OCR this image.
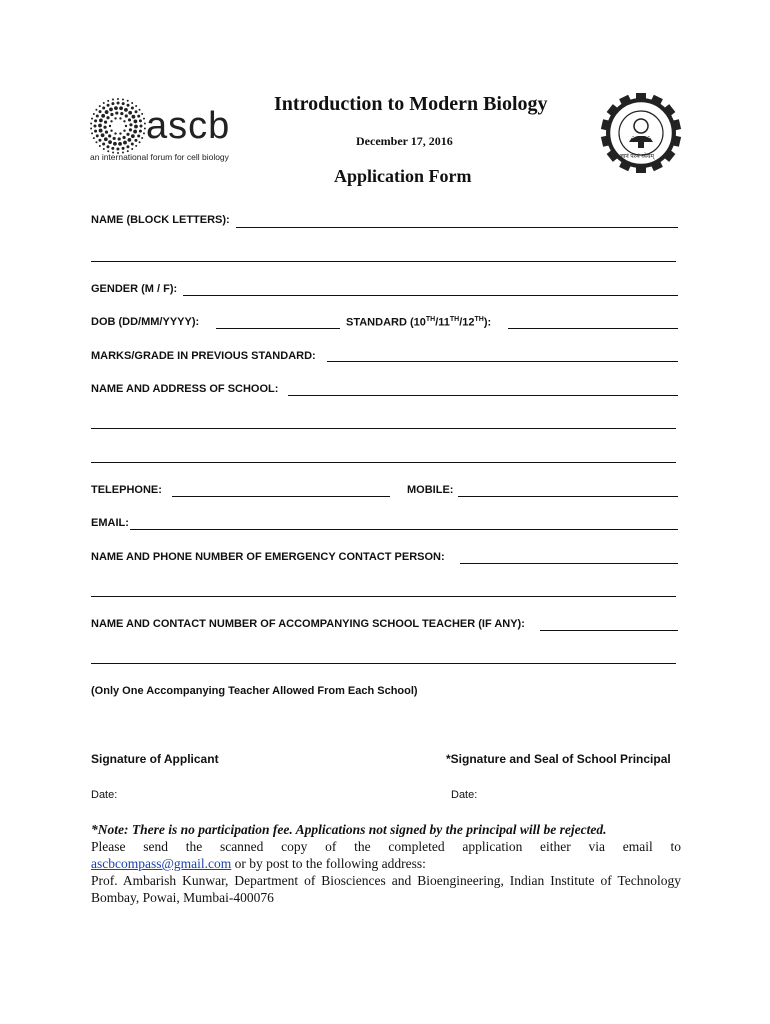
ascb
an international forum for cell biology
Introduction to Modern Biology
December 17, 2016
Application Form
ज्ञानं परमं ध्येयम्
NAME (BLOCK LETTERS):
GENDER (M / F):
DOB (DD/MM/YYYY):	STANDARD (10TH/11TH/12TH):
MARKS/GRADE IN PREVIOUS STANDARD:
NAME AND ADDRESS OF SCHOOL:
TELEPHONE:	MOBILE:
EMAIL:
NAME AND PHONE NUMBER OF EMERGENCY CONTACT PERSON:
NAME AND CONTACT NUMBER OF ACCOMPANYING SCHOOL TEACHER (IF ANY):
(Only One Accompanying Teacher Allowed From Each School)
Signature of Applicant	*Signature and Seal of School Principal
Date:	Date:
*Note: There is no participation fee. Applications not signed by the principal will be rejected.
Please send the scanned copy of the completed application either via email to
ascbcompass@gmail.com or by post to the following address:
Prof. Ambarish Kunwar, Department of Biosciences and Bioengineering, Indian Institute of Technology Bombay, Powai, Mumbai-400076
